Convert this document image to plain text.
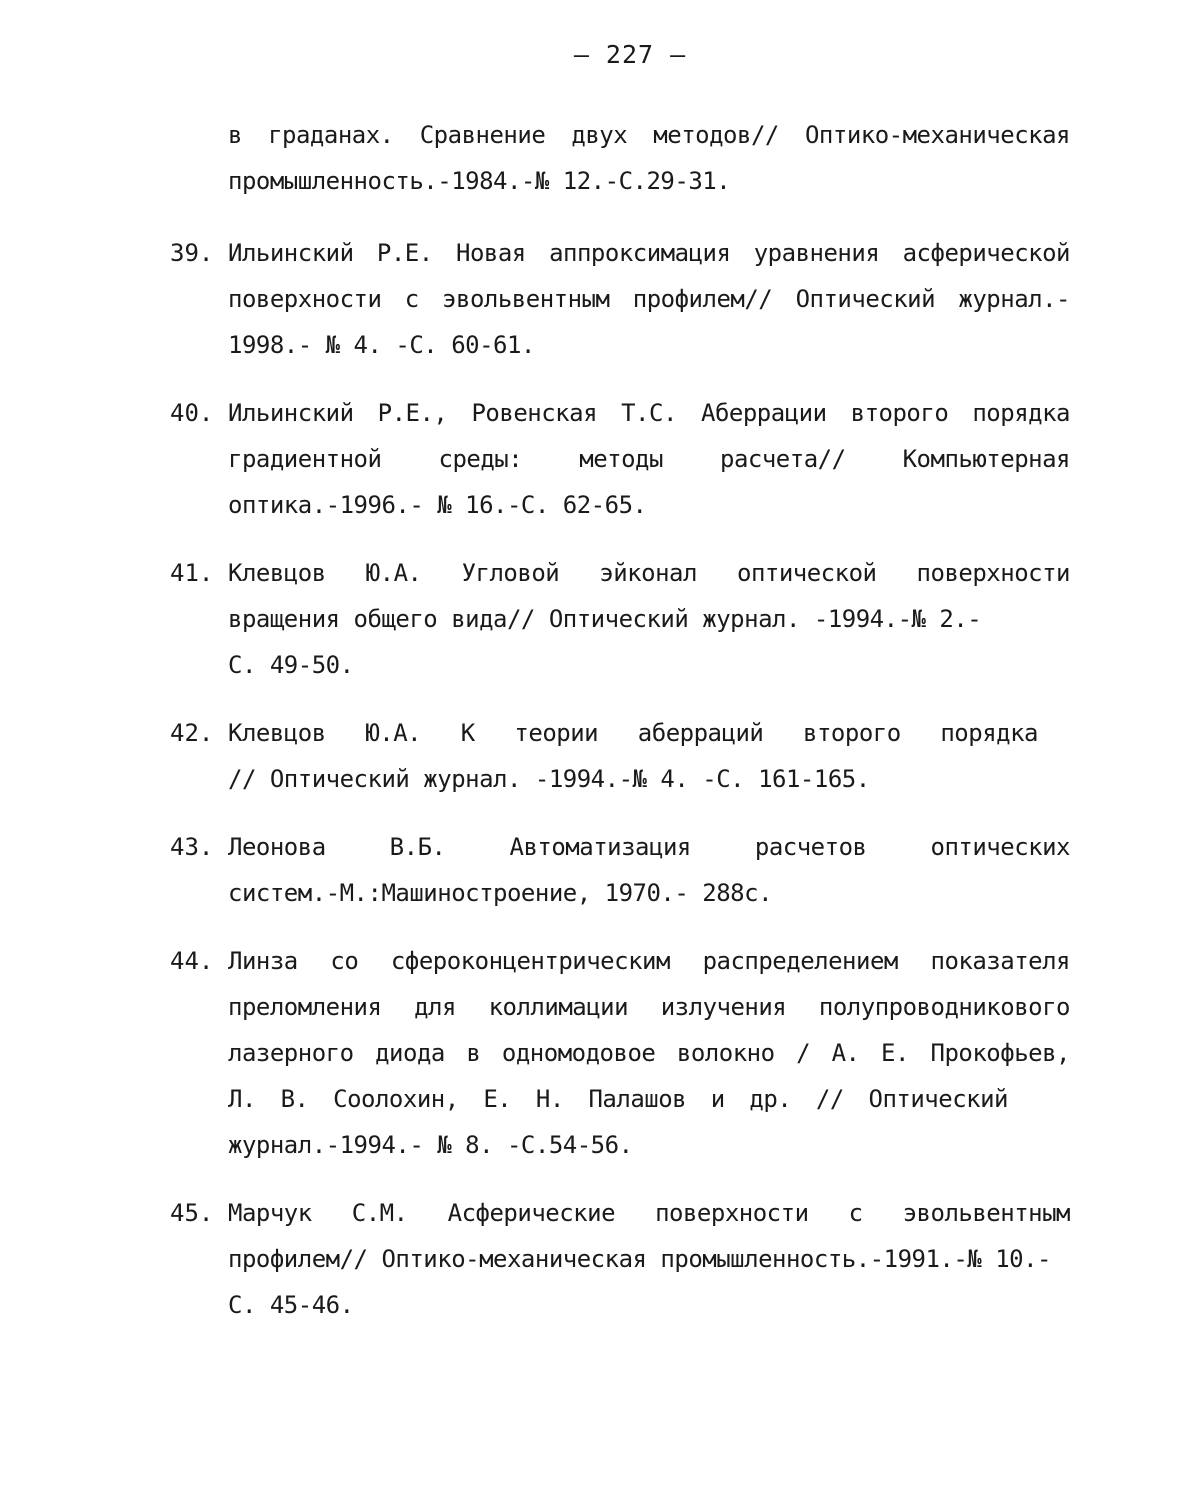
– 227 –
в граданах. Сравнение двух методов// Оптико-механическая
промышленность.-1984.-№ 12.-С.29-31.
39. Ильинский Р.Е. Новая аппроксимация уравнения асферической
поверхности с эвольвентным профилем// Оптический журнал.-
1998.- № 4. -С. 60-61.
40. Ильинский Р.Е., Ровенская Т.С. Аберрации второго порядка
градиентной среды: методы расчета// Компьютерная
оптика.-1996.- № 16.-С. 62-65.
41. Клевцов Ю.А. Угловой эйконал оптической поверхности
вращения общего вида// Оптический журнал. -1994.-№ 2.-
С. 49-50.
42. Клевцов Ю.А. К теории аберраций второго порядка
// Оптический журнал. -1994.-№ 4. -С. 161-165.
43. Леонова В.Б. Автоматизация расчетов оптических
систем.-М.:Машиностроение, 1970.- 288с.
44. Линза со сфероконцентрическим распределением показателя
преломления для коллимации излучения полупроводникового
лазерного диода в одномодовое волокно / А. Е. Прокофьев,
Л. В. Соолохин, Е. Н. Палашов и др. // Оптический
журнал.-1994.- № 8. -С.54-56.
45. Марчук С.М. Асферические поверхности с эвольвентным
профилем// Оптико-механическая промышленность.-1991.-№ 10.-
С. 45-46.
